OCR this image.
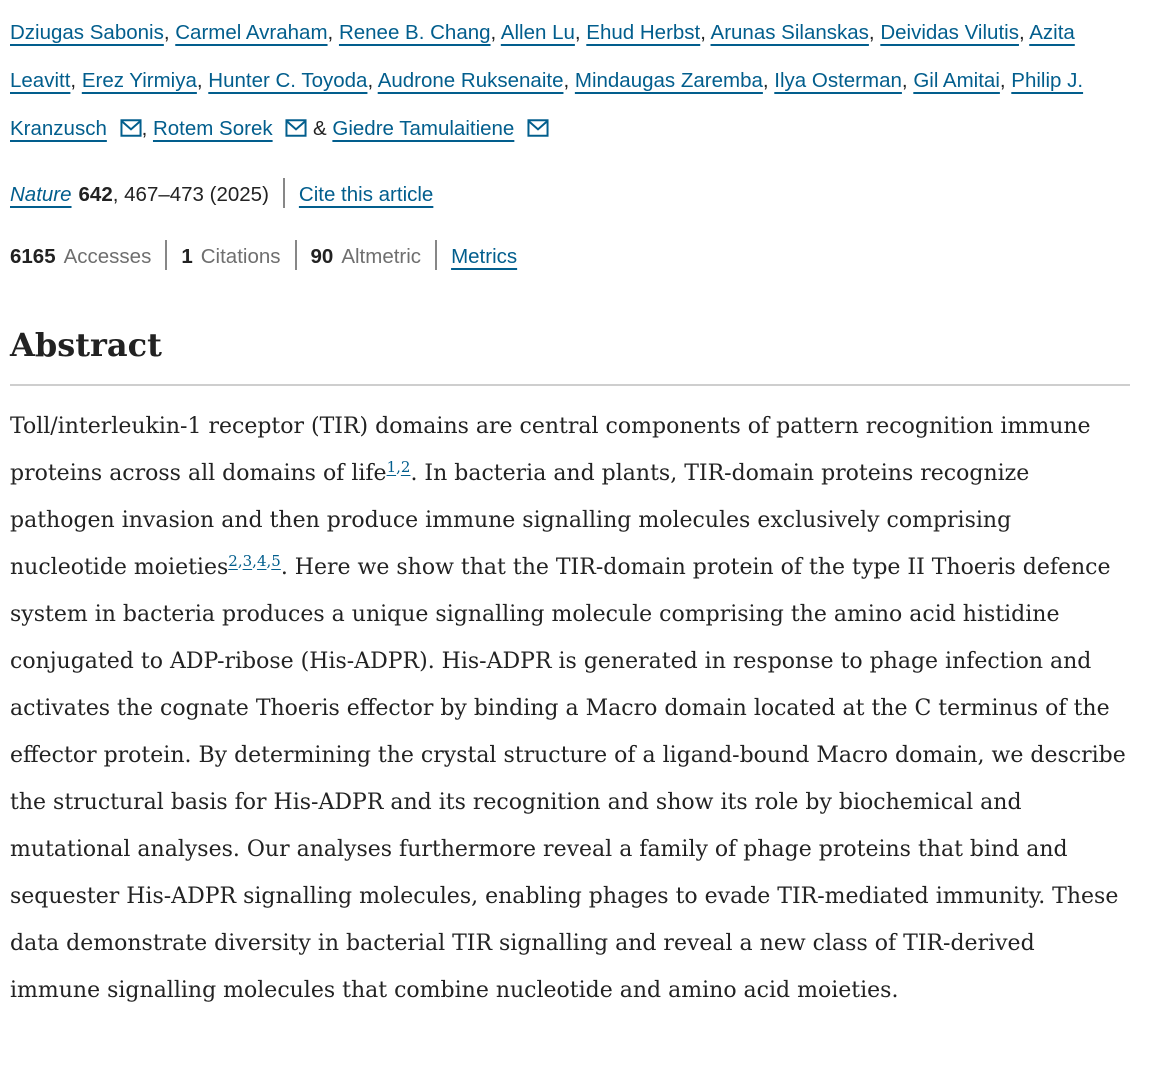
Dziugas Sabonis, Carmel Avraham, Renee B. Chang, Allen Lu, Ehud Herbst, Arunas Silanskas, Deividas Vilutis, Azita Leavitt, Erez Yirmiya, Hunter C. Toyoda, Audrone Ruksenaite, Mindaugas Zaremba, Ilya Osterman, Gil Amitai, Philip J. Kranzusch , Rotem Sorek  & Giedre Tamulaitiene

Nature 642, 467–473 (2025) Cite this article

6165 Accesses 1 Citations 90 Altmetric Metrics

Abstract

Toll/interleukin-1 receptor (TIR) domains are central components of pattern recognition immune proteins across all domains of life$^{1,2}$. In bacteria and plants, TIR-domain proteins recognize pathogen invasion and then produce immune signalling molecules exclusively comprising nucleotide moieties$^{2,3,4,5}$. Here we show that the TIR-domain protein of the type II Thoeris defence system in bacteria produces a unique signalling molecule comprising the amino acid histidine conjugated to ADP-ribose (His-ADPR). His-ADPR is generated in response to phage infection and activates the cognate Thoeris effector by binding a Macro domain located at the C terminus of the effector protein. By determining the crystal structure of a ligand-bound Macro domain, we describe the structural basis for His-ADPR and its recognition and show its role by biochemical and mutational analyses. Our analyses furthermore reveal a family of phage proteins that bind and sequester His-ADPR signalling molecules, enabling phages to evade TIR-mediated immunity. These data demonstrate diversity in bacterial TIR signalling and reveal a new class of TIR-derived immune signalling molecules that combine nucleotide and amino acid moieties.
